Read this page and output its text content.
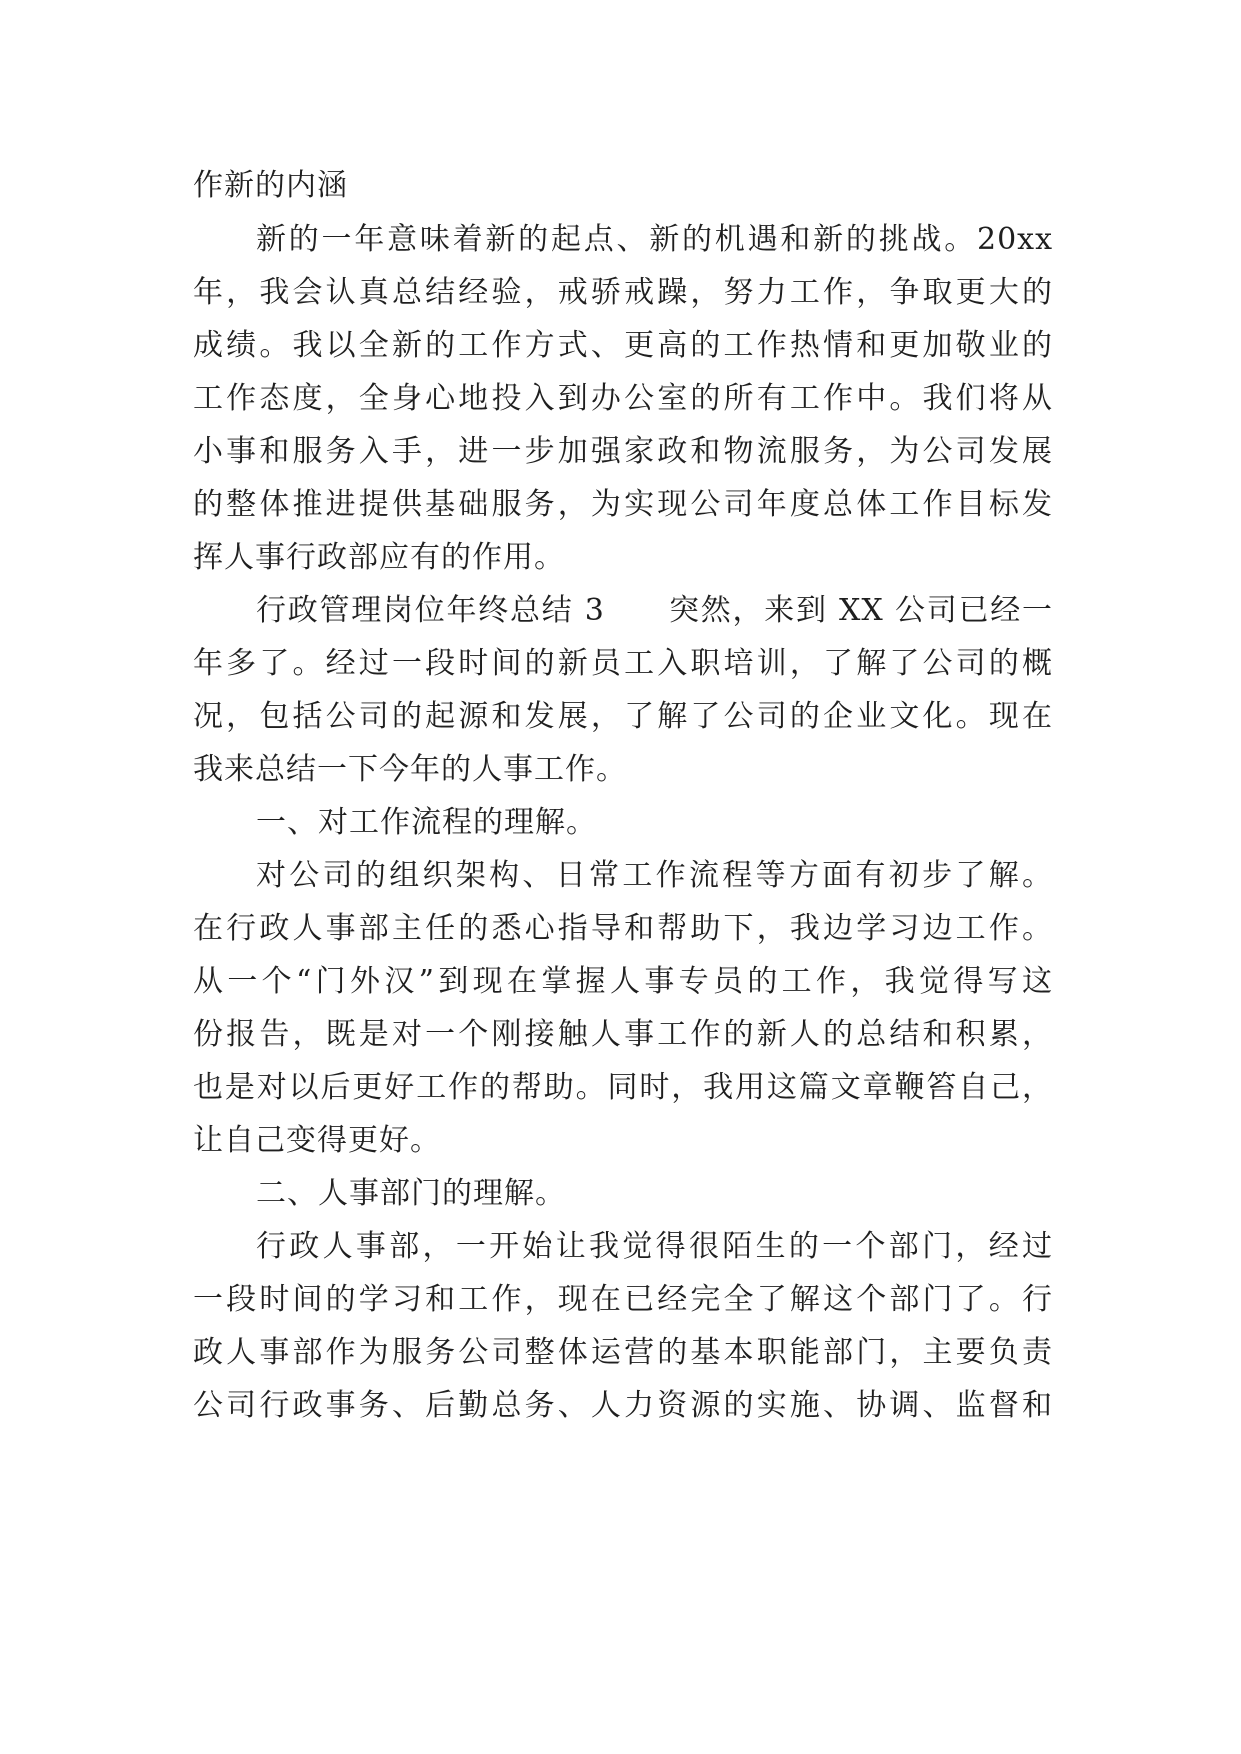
作新的内涵
新的一年意味着新的起点、新的机遇和新的挑战。20xx
年，我会认真总结经验，戒骄戒躁，努力工作，争取更大的
成绩。我以全新的工作方式、更高的工作热情和更加敬业的
工作态度，全身心地投入到办公室的所有工作中。我们将从
小事和服务入手，进一步加强家政和物流服务，为公司发展
的整体推进提供基础服务，为实现公司年度总体工作目标发
挥人事行政部应有的作用。
行政管理岗位年终总结 3　　突然，来到 XX 公司已经一
年多了。经过一段时间的新员工入职培训，了解了公司的概
况，包括公司的起源和发展，了解了公司的企业文化。现在
我来总结一下今年的人事工作。
一、对工作流程的理解。
对公司的组织架构、日常工作流程等方面有初步了解。
在行政人事部主任的悉心指导和帮助下，我边学习边工作。
从一个“门外汉”到现在掌握人事专员的工作，我觉得写这
份报告，既是对一个刚接触人事工作的新人的总结和积累，
也是对以后更好工作的帮助。同时，我用这篇文章鞭笞自己，
让自己变得更好。
二、人事部门的理解。
行政人事部，一开始让我觉得很陌生的一个部门，经过
一段时间的学习和工作，现在已经完全了解这个部门了。行
政人事部作为服务公司整体运营的基本职能部门，主要负责
公司行政事务、后勤总务、人力资源的实施、协调、监督和
